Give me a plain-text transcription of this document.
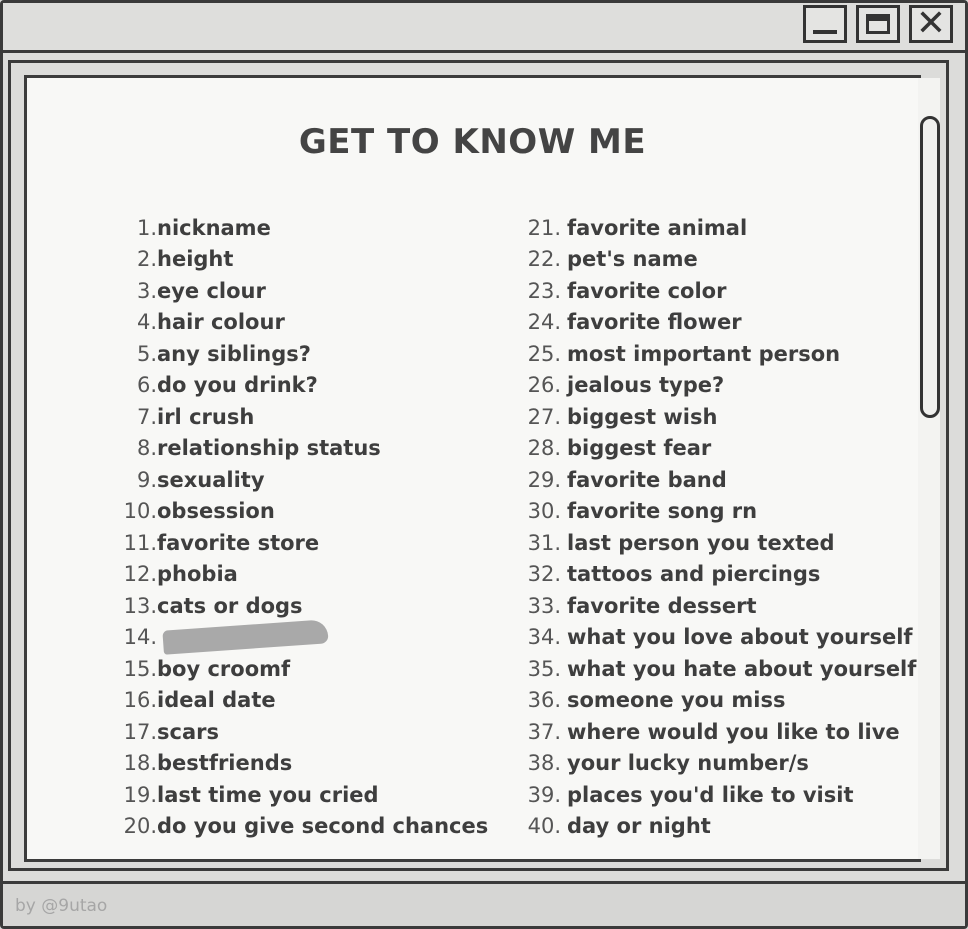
✕
GET TO KNOW ME
1. nickname
2. height
3. eye clour
4. hair colour
5. any siblings?
6. do you drink?
7. irl crush
8. relationship status
9. sexuality
10. obsession
11. favorite store
12. phobia
13. cats or dogs
14.
15. boy croomf
16. ideal date
17. scars
18. bestfriends
19. last time you cried
20. do you give second chances
21. favorite animal
22. pet's name
23. favorite color
24. favorite flower
25. most important person
26. jealous type?
27. biggest wish
28. biggest fear
29. favorite band
30. favorite song rn
31. last person you texted
32. tattoos and piercings
33. favorite dessert
34. what you love about yourself
35. what you hate about yourself
36. someone you miss
37. where would you like to live
38. your lucky number/s
39. places you'd like to visit
40. day or night
by @9utao
